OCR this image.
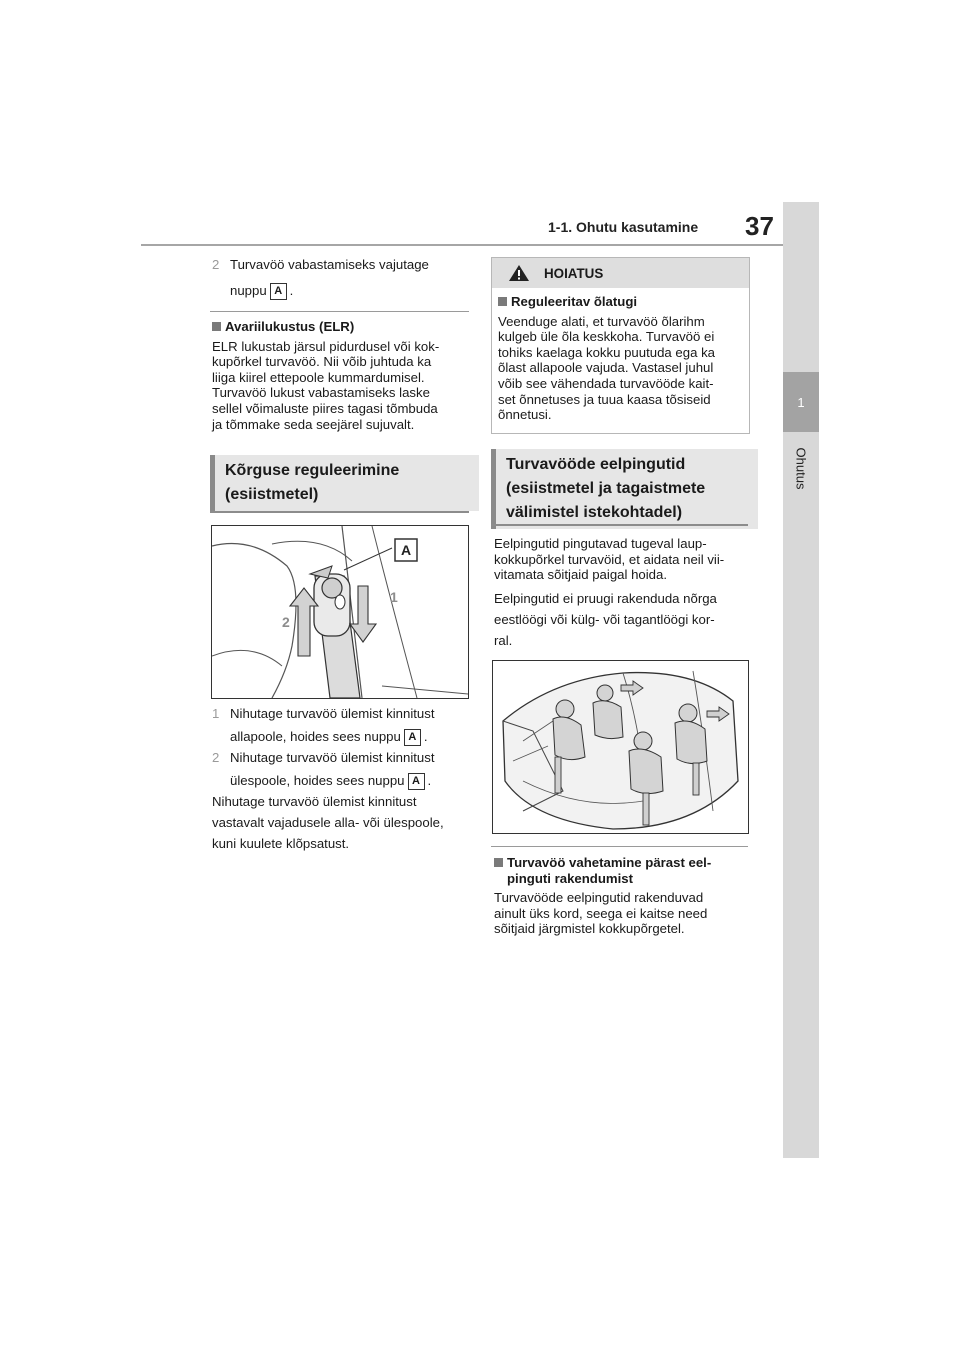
1
Ohutus
1-1. Ohutu kasutamine 37

2 Turvavöö vabastamiseks vajutage

nuppu A .

Avariilukustus (ELR)

ELR lukustab järsul pidurdusel või kok-

kupõrkel turvavöö. Nii võib juhtuda ka

liiga kiirel ettepoole kummardumisel.

Turvavöö lukust vabastamiseks laske

sellel võimaluste piires tagasi tõmbuda

ja tõmmake seda seejärel sujuvalt.

Kõrguse reguleerimine
(esiistmetel)
A
1
2

1 Nihutage turvavöö ülemist kinnitust

allapoole, hoides sees nuppu A .

2 Nihutage turvavöö ülemist kinnitust

ülespoole, hoides sees nuppu A .

Nihutage turvavöö ülemist kinnitust

vastavalt vajadusele alla- või ülespoole,

kuni kuulete klõpsatust.

HOIATUS

Reguleeritav õlatugi

Veenduge alati, et turvavöö õlarihm

kulgeb üle õla keskkoha. Turvavöö ei

tohiks kaelaga kokku puutuda ega ka

õlast allapoole vajuda. Vastasel juhul

võib see vähendada turvavööde kait-

set õnnetuses ja tuua kaasa tõsiseid

õnnetusi.

Turvavööde eelpingutid
(esiistmetel ja tagaistmete
välimistel istekohtadel)

Eelpingutid pingutavad tugeval laup-

kokkupõrkel turvavöid, et aidata neil vii-

vitamata sõitjaid paigal hoida.

Eelpingutid ei pruugi rakenduda nõrga

eestlöögi või külg- või tagantlöögi kor-

ral.

Turvavöö vahetamine pärast eel-

pinguti rakendumist

Turvavööde eelpingutid rakenduvad

ainult üks kord, seega ei kaitse need

sõitjaid järgmistel kokkupõrgetel.
